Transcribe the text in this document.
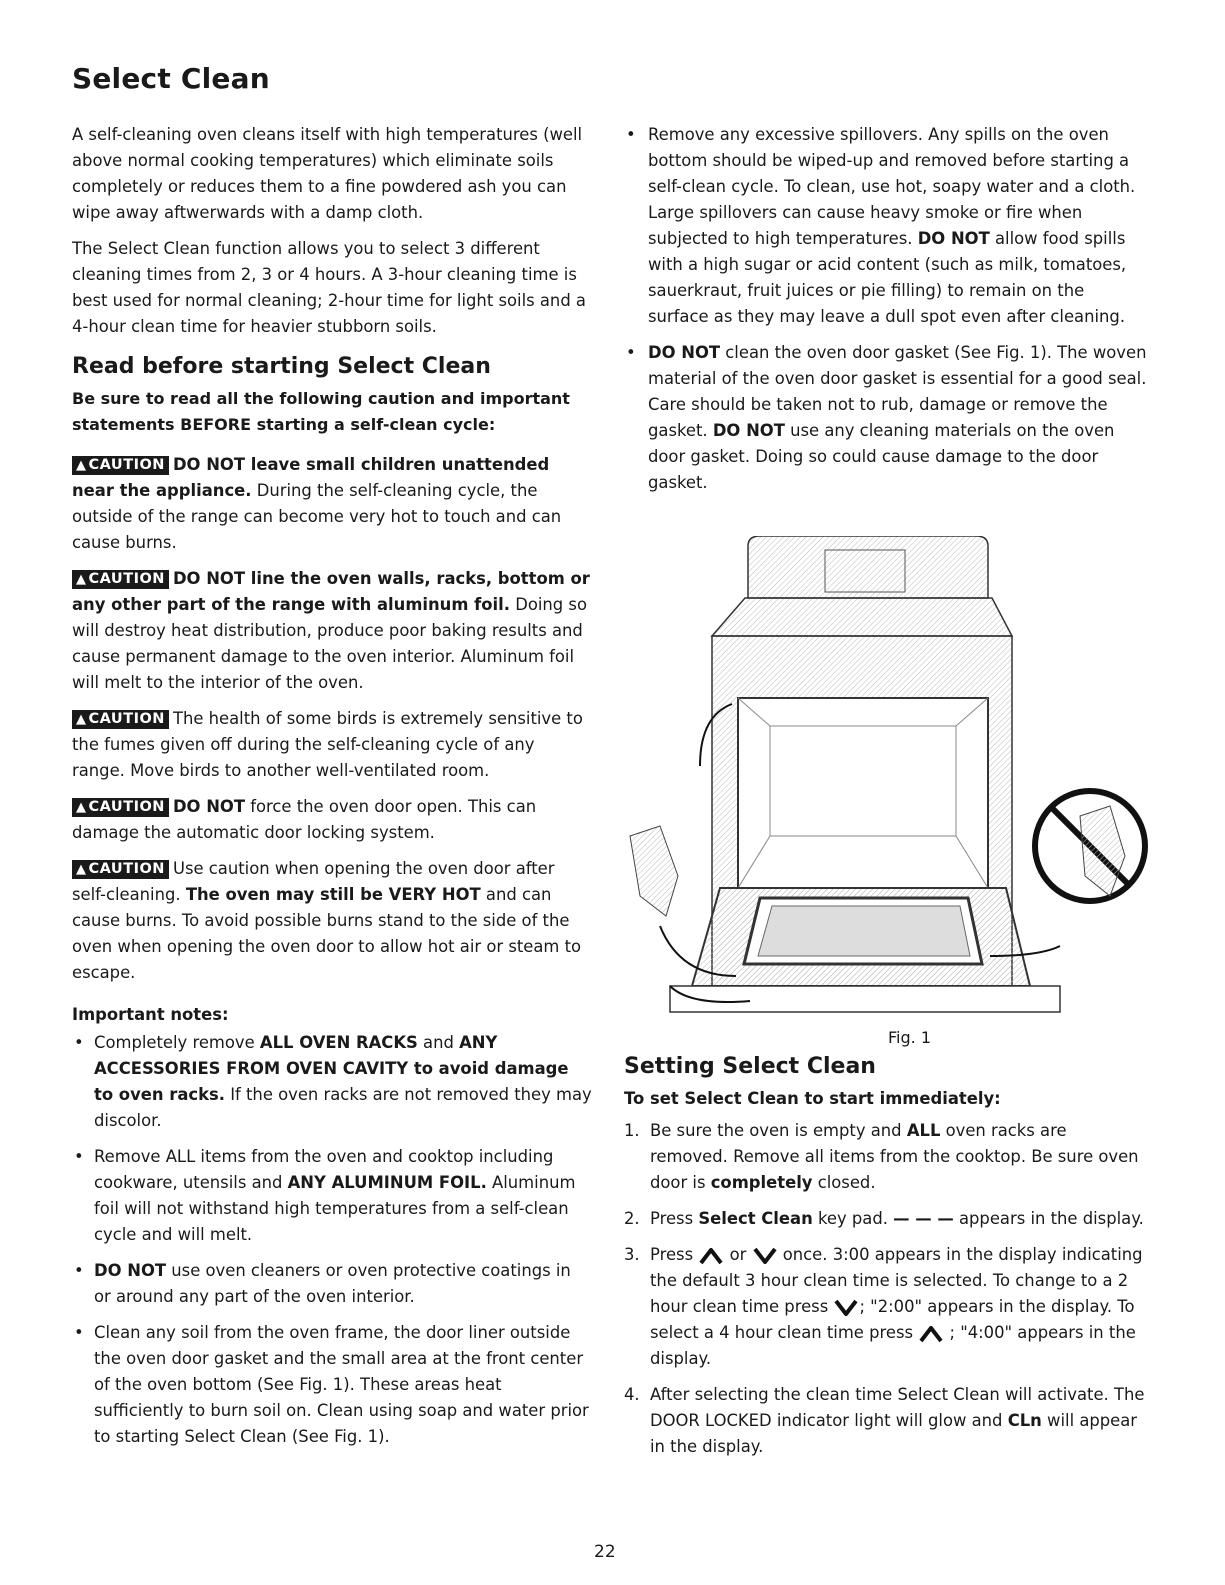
Select Clean

A self-cleaning oven cleans itself with high temperatures (well above normal cooking temperatures) which eliminate soils completely or reduces them to a fine powdered ash you can wipe away aftwerwards with a damp cloth.

The Select Clean function allows you to select 3 different cleaning times from 2, 3 or 4 hours. A 3-hour cleaning time is best used for normal cleaning; 2-hour time for light soils and a 4-hour clean time for heavier stubborn soils.

Read before starting Select Clean
Be sure to read all the following caution and important statements BEFORE starting a self-clean cycle:

▲ CAUTION DO NOT leave small children unattended near the appliance. During the self-cleaning cycle, the outside of the range can become very hot to touch and can cause burns.

▲ CAUTION DO NOT line the oven walls, racks, bottom or any other part of the range with aluminum foil. Doing so will destroy heat distribution, produce poor baking results and cause permanent damage to the oven interior. Aluminum foil will melt to the interior of the oven.

▲ CAUTION The health of some birds is extremely sensitive to the fumes given off during the self-cleaning cycle of any range. Move birds to another well-ventilated room.

▲ CAUTION DO NOT force the oven door open. This can damage the automatic door locking system.

▲ CAUTION Use caution when opening the oven door after self-cleaning. The oven may still be VERY HOT and can cause burns. To avoid possible burns stand to the side of the oven when opening the oven door to allow hot air or steam to escape.

Important notes:
• Completely remove ALL OVEN RACKS and ANY ACCESSORIES FROM OVEN CAVITY to avoid damage to oven racks. If the oven racks are not removed they may discolor.
• Remove ALL items from the oven and cooktop including cookware, utensils and ANY ALUMINUM FOIL. Aluminum foil will not withstand high temperatures from a self-clean cycle and will melt.
• DO NOT use oven cleaners or oven protective coatings in or around any part of the oven interior.
• Clean any soil from the oven frame, the door liner outside the oven door gasket and the small area at the front center of the oven bottom (See Fig. 1). These areas heat sufficiently to burn soil on. Clean using soap and water prior to starting Select Clean (See Fig. 1).
• Remove any excessive spillovers. Any spills on the oven bottom should be wiped-up and removed before starting a self-clean cycle. To clean, use hot, soapy water and a cloth. Large spillovers can cause heavy smoke or fire when subjected to high temperatures. DO NOT allow food spills with a high sugar or acid content (such as milk, tomatoes, sauerkraut, fruit juices or pie filling) to remain on the surface as they may leave a dull spot even after cleaning.
• DO NOT clean the oven door gasket (See Fig. 1). The woven material of the oven door gasket is essential for a good seal. Care should be taken not to rub, damage or remove the gasket. DO NOT use any cleaning materials on the oven door gasket. Doing so could cause damage to the door gasket.
Fig. 1
Setting Select Clean
To set Select Clean to start immediately:
1. Be sure the oven is empty and ALL oven racks are removed. Remove all items from the cooktop. Be sure oven door is completely closed.
2. Press Select Clean key pad. — — — appears in the display.
3. Press  or  once. 3:00 appears in the display indicating the default 3 hour clean time is selected. To change to a 2 hour clean time press ; "2:00" appears in the display. To select a 4 hour clean time press  ; "4:00" appears in the display.
4. After selecting the clean time Select Clean will activate. The DOOR LOCKED indicator light will glow and CLn will appear in the display.
22
